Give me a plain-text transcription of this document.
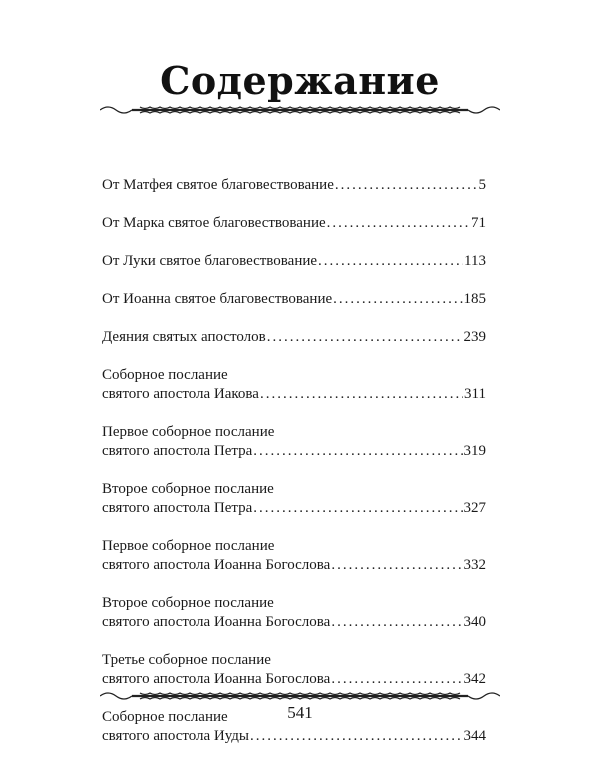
Содержание
От Матфея святое благовествование .....	5
От Марка святое благовествование .....	71
От Луки святое благовествование .....	113
От Иоанна святое благовествование .....	185
Деяния святых апостолов .....	239
Соборное послание
святого апостола Иакова .....	311
Первое соборное послание
святого апостола Петра .....	319
Второе соборное послание
святого апостола Петра .....	327
Первое соборное послание
святого апостола Иоанна Богослова .....	332
Второе соборное послание
святого апостола Иоанна Богослова .....	340
Третье соборное послание
святого апостола Иоанна Богослова .....	342
Соборное послание
святого апостола Иуды .....	344
541
